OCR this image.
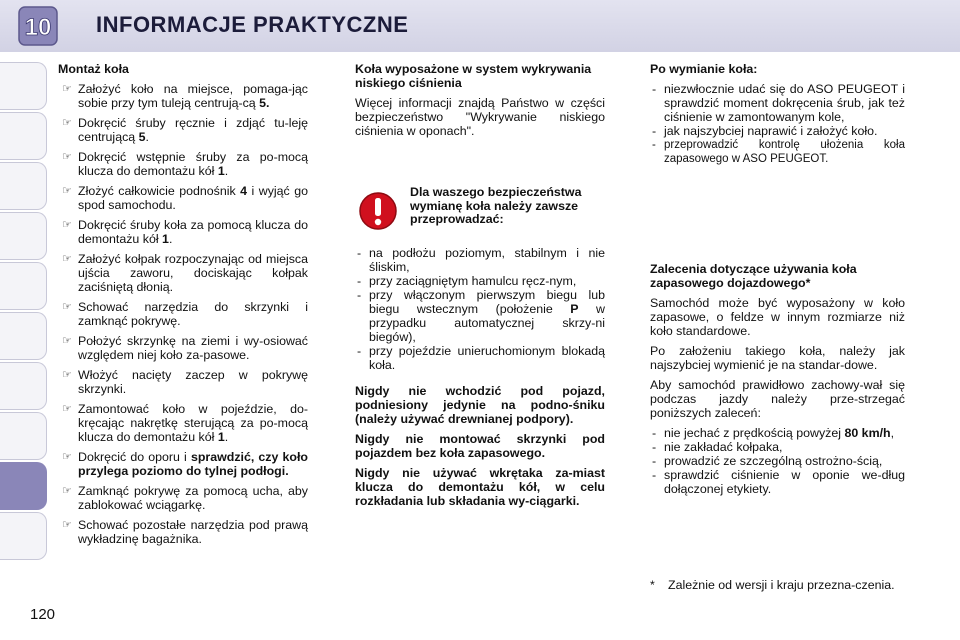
10 INFORMACJE PRAKTYCZNE

Montaż koła

☞ Założyć koło na miejsce, pomaga-jąc sobie przy tym tuleją centrują-cą 5.
☞ Dokręcić śruby ręcznie i zdjąć tu-leję centrującą 5.
☞ Dokręcić wstępnie śruby za po-mocą klucza do demontażu kół 1.
☞ Złożyć całkowicie podnośnik 4 i wyjąć go spod samochodu.
☞ Dokręcić śruby koła za pomocą klucza do demontażu kół 1.
☞ Założyć kołpak rozpoczynając od miejsca ujścia zaworu, dociskając kołpak zaciśniętą dłonią.
☞ Schować narzędzia do skrzynki i zamknąć pokrywę.
☞ Położyć skrzynkę na ziemi i wy-osiować względem niej koło za-pasowe.
☞ Włożyć nacięty zaczep w pokrywę skrzynki.
☞ Zamontować koło w pojeździe, do-kręcając nakrętkę sterującą za po-mocą klucza do demontażu kół 1.
☞ Dokręcić do oporu i sprawdzić, czy koło przylega poziomo do tylnej podłogi.
☞ Zamknąć pokrywę za pomocą ucha, aby zablokować wciągarkę.
☞ Schować pozostałe narzędzia pod prawą wykładzinę bagażnika.

Koła wyposażone w system wykrywania niskiego ciśnienia

Więcej informacji znajdą Państwo w części bezpieczeństwo "Wykrywanie niskiego ciśnienia w oponach".

Dla waszego bezpieczeństwa wymianę koła należy zawsze przeprowadzać:
- na podłożu poziomym, stabilnym i nie śliskim,
- przy zaciągniętym hamulcu ręcz-nym,
- przy włączonym pierwszym biegu lub biegu wstecznym (położenie P w przypadku automatycznej skrzy-ni biegów),
- przy pojeździe unieruchomionym blokadą koła.

Nigdy nie wchodzić pod pojazd, podniesiony jedynie na podno-śniku (należy używać drewnianej podpory).

Nigdy nie montować skrzynki pod pojazdem bez koła zapasowego.

Nigdy nie używać wkrętaka za-miast klucza do demontażu kół, w celu rozkładania lub składania wy-ciągarki.

Po wymianie koła:

- niezwłocznie udać się do ASO PEUGEOT i sprawdzić moment dokręcenia śrub, jak też ciśnienie w zamontowanym kole,
- jak najszybciej naprawić i założyć koło.
- przeprowadzić kontrolę ułożenia koła zapasowego w ASO PEUGEOT.

Zalecenia dotyczące używania koła zapasowego dojazdowego*

Samochód może być wyposażony w koło zapasowe, o feldze w innym rozmiarze niż koło standardowe.

Po założeniu takiego koła, należy jak najszybciej wymienić je na standar-dowe.

Aby samochód prawidłowo zachowy-wał się podczas jazdy należy prze-strzegać poniższych zaleceń:

- nie jechać z prędkością powyżej 80 km/h,
- nie zakładać kołpaka,
- prowadzić ze szczególną ostrożno-ścią,
- sprawdzić ciśnienie w oponie we-dług dołączonej etykiety.
*	Zależnie od wersji i kraju przezna-czenia.
120
